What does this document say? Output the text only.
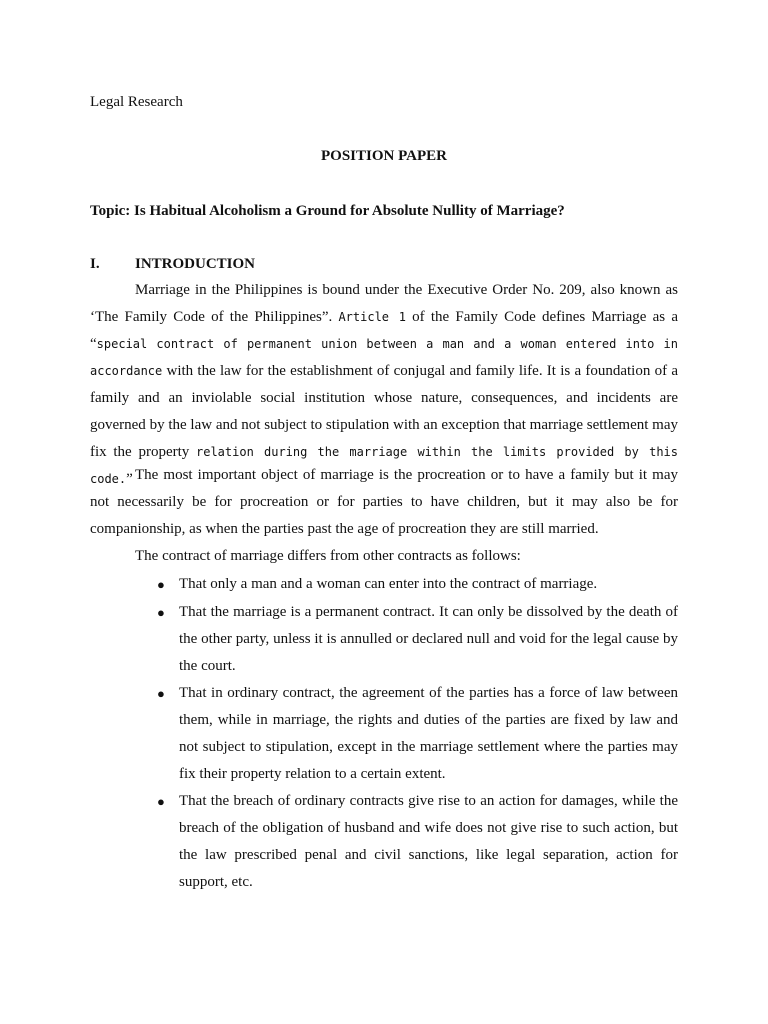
Legal Research
POSITION PAPER
Topic: Is Habitual Alcoholism a Ground for Absolute Nullity of Marriage?
I. INTRODUCTION

Marriage in the Philippines is bound under the Executive Order No. 209, also known as ‘The Family Code of the Philippines”. Article 1 of the Family Code defines Marriage as a “special contract of permanent union between a man and a woman entered into in accordance with the law for the establishment of conjugal and family life. It is a foundation of a family and an inviolable social institution whose nature, consequences, and incidents are governed by the law and not subject to stipulation with an exception that marriage settlement may fix the property relation during the marriage within the limits provided by this code.” The most important object of marriage is the procreation or to have a family but it may not necessarily be for procreation or for parties to have children, but it may also be for companionship, as when the parties past the age of procreation they are still married.

The contract of marriage differs from other contracts as follows:

● That only a man and a woman can enter into the contract of marriage.
● That the marriage is a permanent contract. It can only be dissolved by the death of the other party, unless it is annulled or declared null and void for the legal cause by the court.
● That in ordinary contract, the agreement of the parties has a force of law between them, while in marriage, the rights and duties of the parties are fixed by law and not subject to stipulation, except in the marriage settlement where the parties may fix their property relation to a certain extent.
● That the breach of ordinary contracts give rise to an action for damages, while the breach of the obligation of husband and wife does not give rise to such action, but the law prescribed penal and civil sanctions, like legal separation, action for support, etc.
